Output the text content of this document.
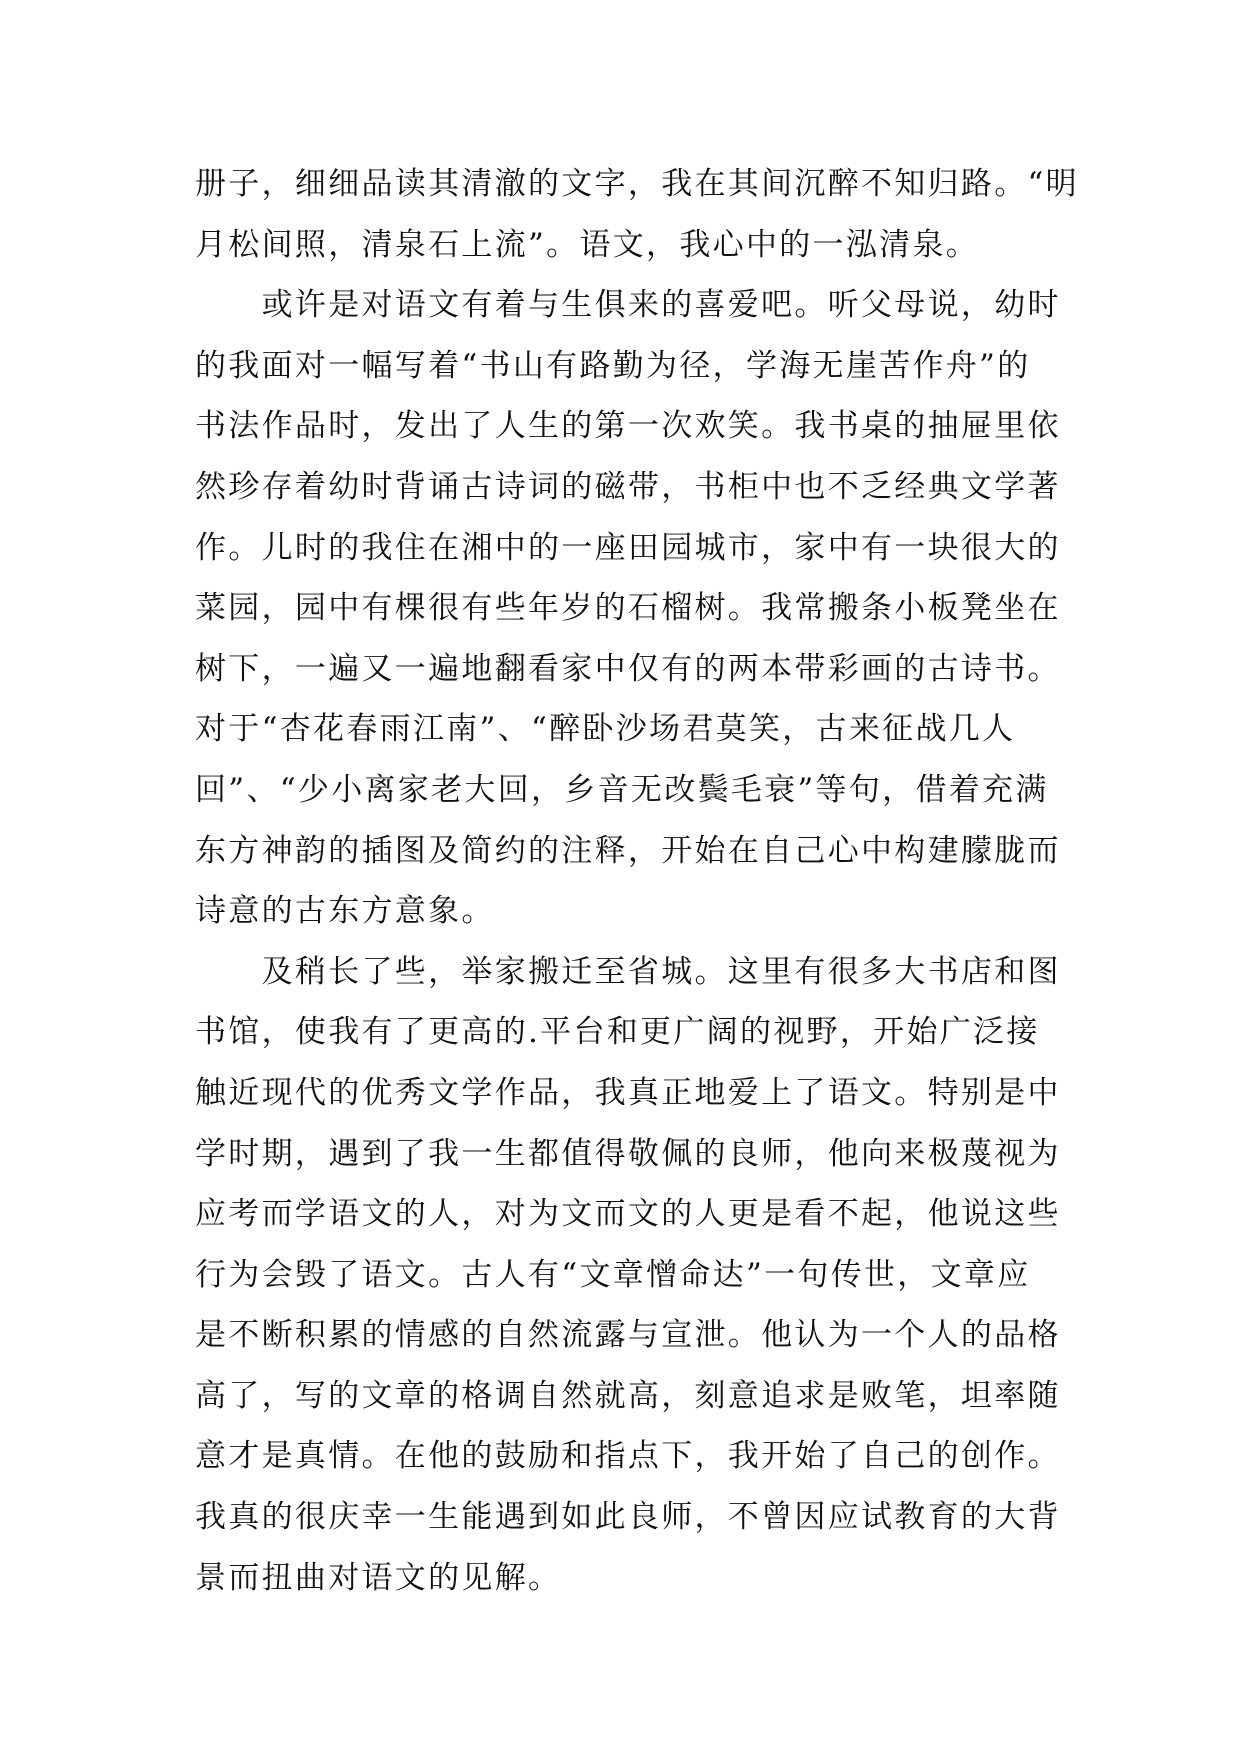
册子，细细品读其清澈的文字，我在其间沉醉不知归路。“明
月松间照，清泉石上流”。语文，我心中的一泓清泉。
　　或许是对语文有着与生俱来的喜爱吧。听父母说，幼时
的我面对一幅写着“书山有路勤为径，学海无崖苦作舟”的
书法作品时，发出了人生的第一次欢笑。我书桌的抽屉里依
然珍存着幼时背诵古诗词的磁带，书柜中也不乏经典文学著
作。儿时的我住在湘中的一座田园城市，家中有一块很大的
菜园，园中有棵很有些年岁的石榴树。我常搬条小板凳坐在
树下，一遍又一遍地翻看家中仅有的两本带彩画的古诗书。
对于“杏花春雨江南”、“醉卧沙场君莫笑，古来征战几人
回”、“少小离家老大回，乡音无改鬓毛衰”等句，借着充满
东方神韵的插图及简约的注释，开始在自己心中构建朦胧而
诗意的古东方意象。
　　及稍长了些，举家搬迁至省城。这里有很多大书店和图
书馆，使我有了更高的.平台和更广阔的视野，开始广泛接
触近现代的优秀文学作品，我真正地爱上了语文。特别是中
学时期，遇到了我一生都值得敬佩的良师，他向来极蔑视为
应考而学语文的人，对为文而文的人更是看不起，他说这些
行为会毁了语文。古人有“文章憎命达”一句传世，文章应
是不断积累的情感的自然流露与宣泄。他认为一个人的品格
高了，写的文章的格调自然就高，刻意追求是败笔，坦率随
意才是真情。在他的鼓励和指点下，我开始了自己的创作。
我真的很庆幸一生能遇到如此良师，不曾因应试教育的大背
景而扭曲对语文的见解。
